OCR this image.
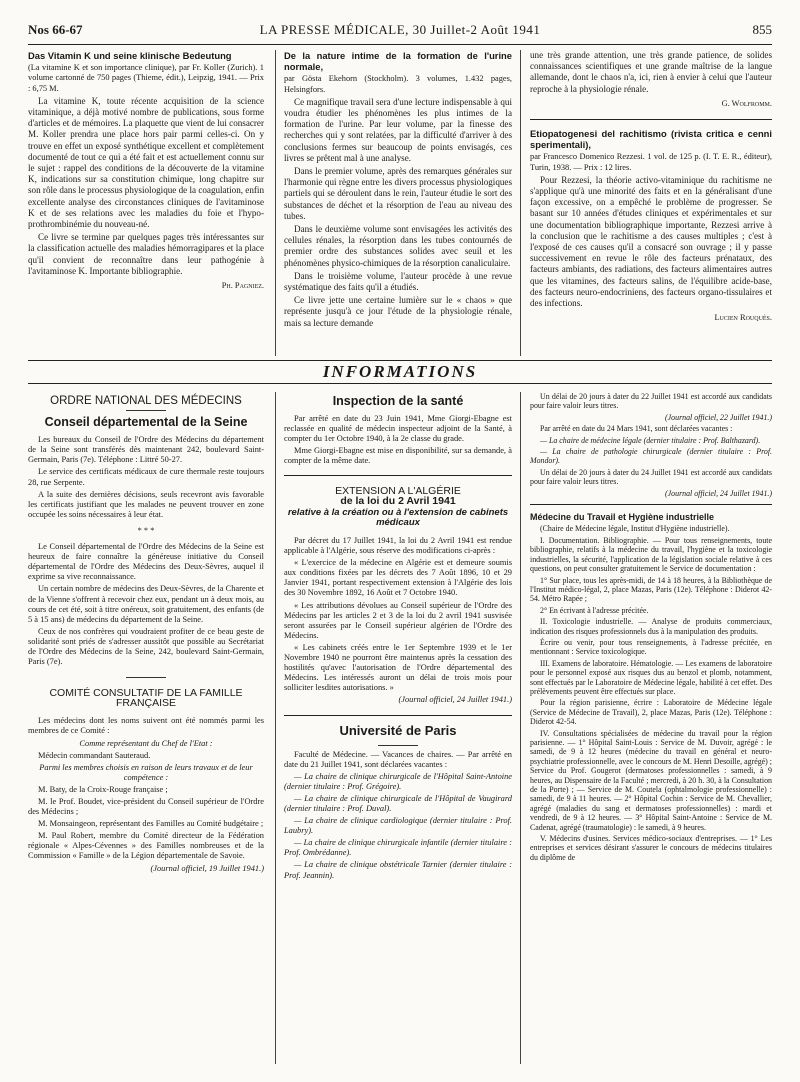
Nos 66-67	LA PRESSE MÉDICALE, 30 Juillet-2 Août 1941	855

Das Vitamin K und seine klinische Bedeutung

(La vitamine K et son importance clinique), par Fr. Koller (Zurich). 1 volume cartonné de 750 pages (Thieme, édit.), Leipzig, 1941. — Prix : 6,75 M.

La vitamine K, toute récente acquisition de la science vitaminique, a déjà motivé nombre de publications, sous forme d'articles et de mémoires. La plaquette que vient de lui consacrer M. Koller prendra une place hors pair parmi celles-ci. On y trouve en effet un exposé synthétique excellent et complètement documenté de tout ce qui a été fait et est actuellement connu sur le sujet : rappel des conditions de la découverte de la vitamine K, indications sur sa constitution chimique, long chapitre sur son rôle dans le processus physiologique de la coagulation, enfin excellente analyse des circonstances cliniques de l'avitaminose K et de ses relations avec les maladies du foie et l'hypo-prothrombinémie du nouveau-né.

Ce livre se termine par quelques pages très intéressantes sur la classification actuelle des maladies hémorragipares et la place qu'il convient de reconnaître dans leur pathogénie à l'avitaminose K. Importante bibliographie.

Ph. Pagniez.

De la nature intime de la formation de l'urine normale,

par Gösta Ekehorn (Stockholm). 3 volumes, 1.432 pages, Helsingfors.

Ce magnifique travail sera d'une lecture indispensable à qui voudra étudier les phénomènes les plus intimes de la formation de l'urine. Par leur volume, par la finesse des recherches qui y sont relatées, par la difficulté d'arriver à des conclusions fermes sur beaucoup de points envisagés, ces livres se prêtent mal à une analyse.

Dans le premier volume, après des remarques générales sur l'harmonie qui règne entre les divers processus physiologiques partiels qui se déroulent dans le rein, l'auteur étudie le sort des substances de déchet et la résorption de l'eau au niveau des tubes.

Dans le deuxième volume sont envisagées les activités des cellules rénales, la résorption dans les tubes contournés de premier ordre des substances solides avec seuil et les phénomènes physico-chimiques de la résorption canaliculaire.

Dans le troisième volume, l'auteur procède à une revue systématique des faits qu'il a étudiés.

Ce livre jette une certaine lumière sur le « chaos » que représente jusqu'à ce jour l'étude de la physiologie rénale, mais sa lecture demande

une très grande attention, une très grande patience, de solides connaissances scientifiques et une grande maîtrise de la langue allemande, dont le chaos n'a, ici, rien à envier à celui que l'auteur reproche à la physiologie rénale.

G. Wolfromm.

Etiopatogenesi del rachitismo (rivista critica e cenni sperimentali),

par Francesco Domenico Rezzesi. 1 vol. de 125 p. (I. T. E. R., éditeur), Turin, 1938. — Prix : 12 lires.

Pour Rezzesi, la théorie activo-vitaminique du rachitisme ne s'applique qu'à une minorité des faits et en la généralisant d'une façon excessive, on a empêché le problème de progresser. Se basant sur 10 années d'études cliniques et expérimentales et sur une documentation bibliographique importante, Rezzesi arrive à la conclusion que le rachitisme a des causes multiples ; c'est à l'exposé de ces causes qu'il a consacré son ouvrage ; il y passe successivement en revue le rôle des facteurs prénataux, des facteurs ambiants, des radiations, des facteurs alimentaires autres que les vitamines, des facteurs salins, de l'équilibre acide-base, des facteurs neuro-endocriniens, des facteurs organo-tissulaires et des infections.

Lucien Rouquès.
INFORMATIONS
ORDRE NATIONAL DES MÉDECINS
Conseil départemental de la Seine

Les bureaux du Conseil de l'Ordre des Médecins du département de la Seine sont transférés dès maintenant 242, boulevard Saint-Germain, Paris (7e). Téléphone : Littré 50-27.

Le service des certificats médicaux de cure thermale reste toujours 28, rue Serpente.

A la suite des dernières décisions, seuls recevront avis favorable les certificats justifiant que les malades ne peuvent trouver en zone occupée les soins nécessaires à leur état.

* * *

Le Conseil départemental de l'Ordre des Médecins de la Seine est heureux de faire connaître la généreuse initiative du Conseil départemental de l'Ordre des Médecins des Deux-Sèvres, auquel il exprime sa vive reconnaissance.

Un certain nombre de médecins des Deux-Sèvres, de la Charente et de la Vienne s'offrent à recevoir chez eux, pendant un à deux mois, au cours de cet été, soit à titre onéreux, soit gratuitement, des enfants (de 5 à 15 ans) de médecins du département de la Seine.

Ceux de nos confrères qui voudraient profiter de ce beau geste de solidarité sont priés de s'adresser aussitôt que possible au Secrétariat de l'Ordre des Médecins de la Seine, 242, boulevard Saint-Germain, Paris (7e).

COMITÉ CONSULTATIF DE LA FAMILLE FRANÇAISE

Les médecins dont les noms suivent ont été nommés parmi les membres de ce Comité :

Comme représentant du Chef de l'Etat :

Médecin commandant Sauteraud.

Parmi les membres choisis en raison de leurs travaux et de leur compétence :

M. Baty, de la Croix-Rouge française ;

M. le Prof. Boudet, vice-président du Conseil supérieur de l'Ordre des Médecins ;

M. Monsaingeon, représentant des Familles au Comité budgétaire ;

M. Paul Robert, membre du Comité directeur de la Fédération régionale « Alpes-Cévennes » des Familles nombreuses et de la Commission « Famille » de la Légion départementale de Savoie.

(Journal officiel, 19 Juillet 1941.)

Inspection de la santé

Par arrêté en date du 23 Juin 1941, Mme Giorgi-Ebagne est reclassée en qualité de médecin inspecteur adjoint de la Santé, à compter du 1er Octobre 1940, à la 2e classe du grade.

Mme Giorgi-Ebagne est mise en disponibilité, sur sa demande, à compter de la même date.

EXTENSION A L'ALGÉRIE
de la loi du 2 Avril 1941
relative à la création ou à l'extension de cabinets médicaux

Par décret du 17 Juillet 1941, la loi du 2 Avril 1941 est rendue applicable à l'Algérie, sous réserve des modifications ci-après :

« L'exercice de la médecine en Algérie est et demeure soumis aux conditions fixées par les décrets des 7 Août 1896, 10 et 29 Janvier 1941, portant respectivement extension à l'Algérie des lois des 30 Novembre 1892, 16 Août et 7 Octobre 1940.

« Les attributions dévolues au Conseil supérieur de l'Ordre des Médecins par les articles 2 et 3 de la loi du 2 avril 1941 susvisée seront assurées par le Conseil supérieur algérien de l'Ordre des Médecins.

« Les cabinets créés entre le 1er Septembre 1939 et le 1er Novembre 1940 ne pourront être maintenus après la cessation des hostilités qu'avec l'autorisation de l'Ordre départemental des Médecins. Les intéressés auront un délai de trois mois pour solliciter lesdites autorisations. »

(Journal officiel, 24 Juillet 1941.)

Université de Paris

Faculté de Médecine. — Vacances de chaires. — Par arrêté en date du 21 Juillet 1941, sont déclarées vacantes :

— La chaire de clinique chirurgicale de l'Hôpital Saint-Antoine (dernier titulaire : Prof. Grégoire).

— La chaire de clinique chirurgicale de l'Hôpital de Vaugirard (dernier titulaire : Prof. Duval).

— La chaire de clinique cardiologique (dernier titulaire : Prof. Laubry).

— La chaire de clinique chirurgicale infantile (dernier titulaire : Prof. Ombrédanne).

— La chaire de clinique obstétricale Tarnier (dernier titulaire : Prof. Jeannin).

Un délai de 20 jours à dater du 22 Juillet 1941 est accordé aux candidats pour faire valoir leurs titres.

(Journal officiel, 22 Juillet 1941.)

Par arrêté en date du 24 Mars 1941, sont déclarées vacantes :

— La chaire de médecine légale (dernier titulaire : Prof. Balthazard).

— La chaire de pathologie chirurgicale (dernier titulaire : Prof. Mondor).

Un délai de 20 jours à dater du 24 Juillet 1941 est accordé aux candidats pour faire valoir leurs titres.

(Journal officiel, 24 Juillet 1941.)

Médecine du Travail et Hygiène industrielle

(Chaire de Médecine légale, Institut d'Hygiène industrielle).

I. Documentation. Bibliographie. — Pour tous renseignements, toute bibliographie, relatifs à la médecine du travail, l'hygiène et la toxicologie industrielles, la sécurité, l'application de la législation sociale relative à ces questions, on peut consulter gratuitement le Service de documentation :

1° Sur place, tous les après-midi, de 14 à 18 heures, à la Bibliothèque de l'Institut médico-légal, 2, place Mazas, Paris (12e). Téléphone : Diderot 42-54. Métro Rapée ;

2° En écrivant à l'adresse précitée.

II. Toxicologie industrielle. — Analyse de produits commerciaux, indication des risques professionnels dus à la manipulation des produits.

Écrire ou venir, pour tous renseignements, à l'adresse précitée, en mentionnant : Service toxicologique.

III. Examens de laboratoire. Hématologie. — Les examens de laboratoire pour le personnel exposé aux risques dus au benzol et plomb, notamment, sont effectués par le Laboratoire de Médecine légale, habilité à cet effet. Des prélèvements peuvent être effectués sur place.

Pour la région parisienne, écrire : Laboratoire de Médecine légale (Service de Médecine de Travail), 2, place Mazas, Paris (12e). Téléphone : Diderot 42-54.

IV. Consultations spécialisées de médecine du travail pour la région parisienne. — 1° Hôpital Saint-Louis : Service de M. Duvoir, agrégé : le samedi, de 9 à 12 heures (médecine du travail en général et neuro-psychiatrie professionnelle, avec le concours de M. Henri Desoille, agrégé) ; Service du Prof. Gougerot (dermatoses professionnelles : samedi, à 9 heures, au Dispensaire de la Faculté ; mercredi, à 20 h. 30, à la Consultation de la Porte) ; — Service de M. Coutela (ophtalmologie professionnelle) : samedi, de 9 à 11 heures. — 2° Hôpital Cochin : Service de M. Chevallier, agrégé (maladies du sang et dermatoses professionnelles) : mardi et vendredi, de 9 à 12 heures. — 3° Hôpital Saint-Antoine : Service de M. Cadenat, agrégé (traumatologie) : le samedi, à 9 heures.

V. Médecins d'usines. Services médico-sociaux d'entreprises. — 1° Les entreprises et services désirant s'assurer le concours de médecins titulaires du diplôme de
